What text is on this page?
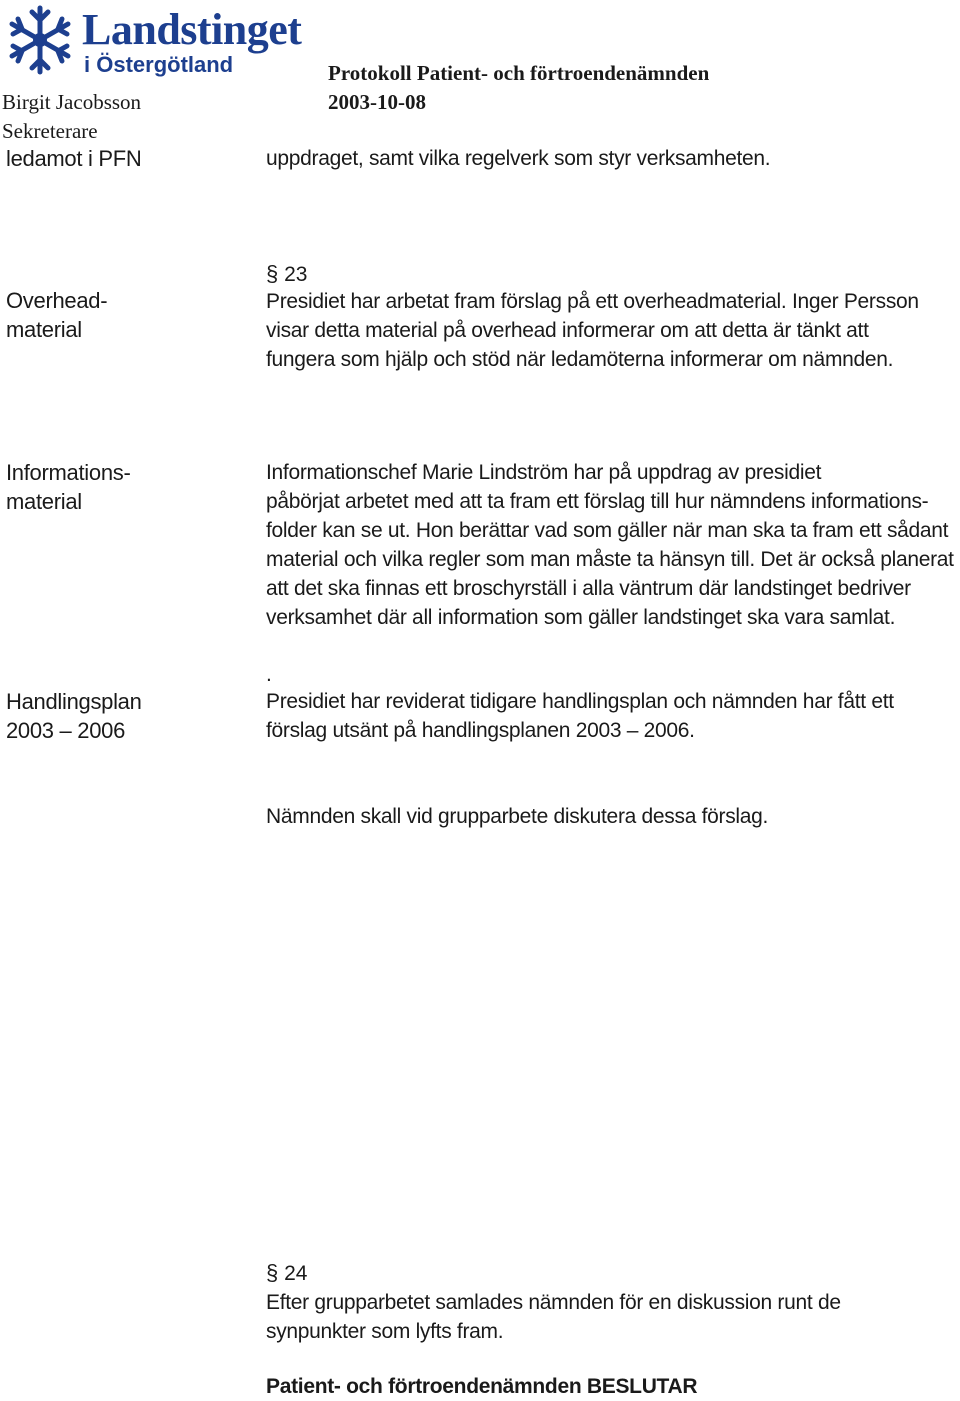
Landstinget
i Östergötland	Protokoll Patient- och förtroendenämnden
2003-10-08
Birgit Jacobsson
Sekreterare
ledamot i PFN	uppdraget, samt vilka regelverk som styr verksamheten.
§ 23
Overhead-
material
Presidiet har arbetat fram förslag på ett overheadmaterial. Inger Persson
visar detta material på overhead informerar om att detta är tänkt att
fungera som hjälp och stöd när ledamöterna informerar om nämnden.
Informations-
material
Informationschef Marie Lindström har på uppdrag av presidiet
påbörjat arbetet med att ta fram ett förslag till hur nämndens informations-
folder kan se ut. Hon berättar vad som gäller när man ska ta fram ett sådant
material och vilka regler som man måste ta hänsyn till. Det är också planerat
att det ska finnas ett broschyrställ i alla väntrum där landstinget bedriver
verksamhet där all information som gäller landstinget ska vara samlat.
.
Handlingsplan
2003 – 2006
Presidiet har reviderat tidigare handlingsplan och nämnden har fått ett
förslag utsänt på handlingsplanen 2003 – 2006.
Nämnden skall vid grupparbete diskutera dessa förslag.
§ 24
Efter grupparbetet samlades nämnden för en diskussion runt de
synpunkter som lyfts fram.
Patient- och förtroendenämnden BESLUTAR
